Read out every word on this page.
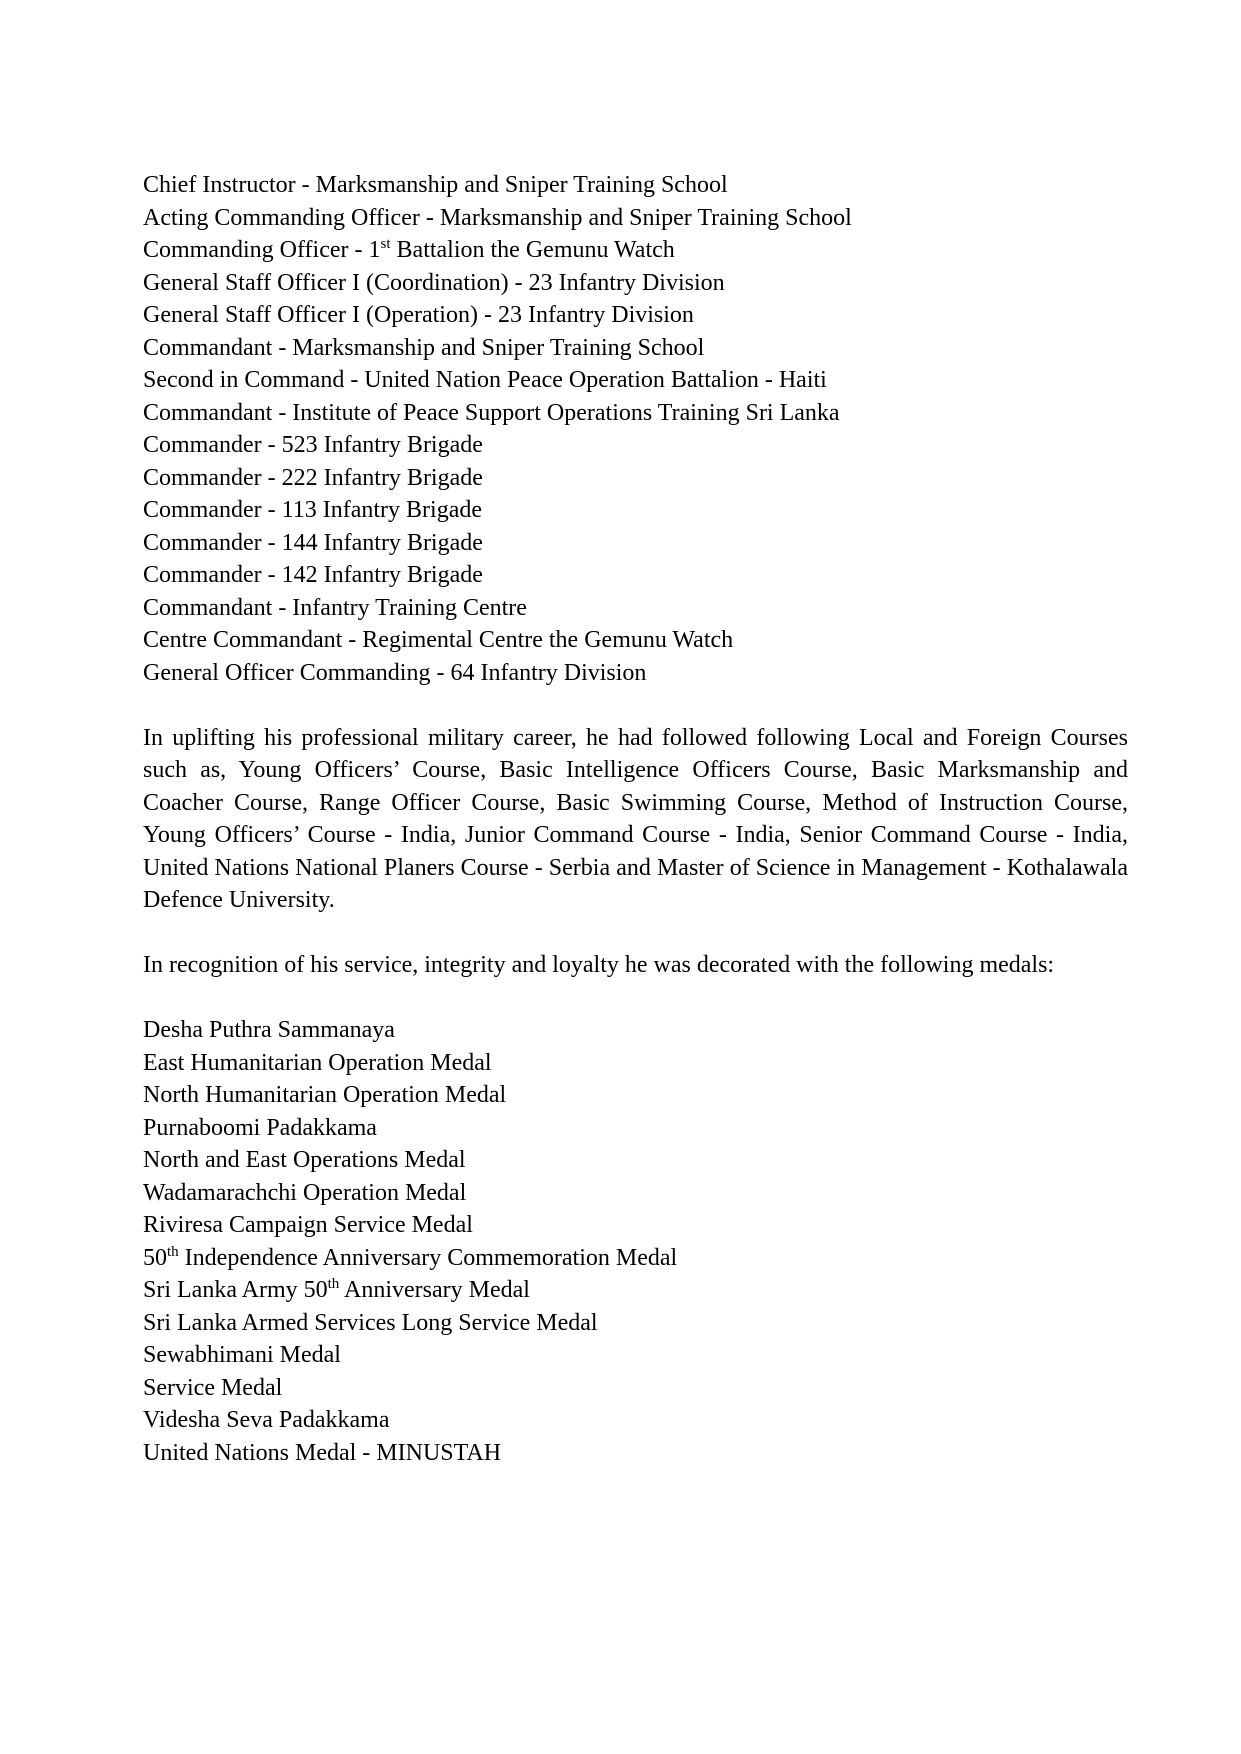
Chief Instructor - Marksmanship and Sniper Training School
Acting Commanding Officer - Marksmanship and Sniper Training School
Commanding Officer - 1st Battalion the Gemunu Watch
General Staff Officer I (Coordination) - 23 Infantry Division
General Staff Officer I (Operation) - 23 Infantry Division
Commandant - Marksmanship and Sniper Training School
Second in Command - United Nation Peace Operation Battalion - Haiti
Commandant - Institute of Peace Support Operations Training Sri Lanka
Commander - 523 Infantry Brigade
Commander - 222 Infantry Brigade
Commander - 113 Infantry Brigade
Commander - 144 Infantry Brigade
Commander - 142 Infantry Brigade
Commandant - Infantry Training Centre
Centre Commandant - Regimental Centre the Gemunu Watch
General Officer Commanding - 64 Infantry Division

In uplifting his professional military career, he had followed following Local and Foreign Courses such as, Young Officers’ Course, Basic Intelligence Officers Course, Basic Marksmanship and Coacher Course, Range Officer Course, Basic Swimming Course, Method of Instruction Course, Young Officers’ Course - India, Junior Command Course - India, Senior Command Course - India, United Nations National Planers Course - Serbia and Master of Science in Management - Kothalawala Defence University.

In recognition of his service, integrity and loyalty he was decorated with the following medals:

Desha Puthra Sammanaya
East Humanitarian Operation Medal
North Humanitarian Operation Medal
Purnaboomi Padakkama
North and East Operations Medal
Wadamarachchi Operation Medal
Riviresa Campaign Service Medal
50th Independence Anniversary Commemoration Medal
Sri Lanka Army 50th Anniversary Medal
Sri Lanka Armed Services Long Service Medal
Sewabhimani Medal
Service Medal
Videsha Seva Padakkama
United Nations Medal - MINUSTAH
